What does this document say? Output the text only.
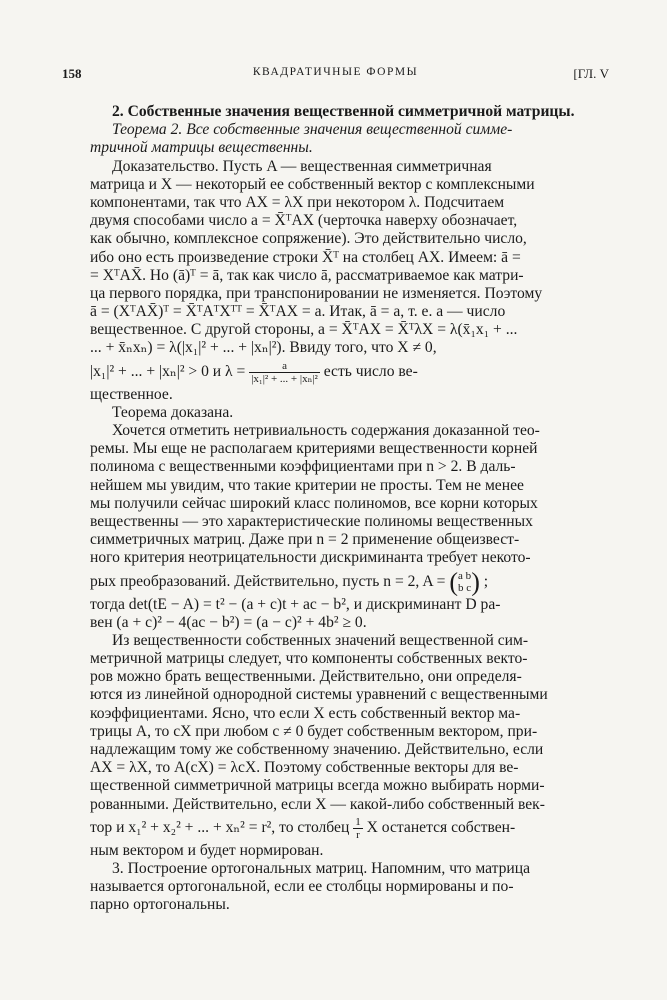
158	КВАДРАТИЧНЫЕ ФОРМЫ	[ГЛ. V
2. Собственные значения вещественной симметричной матрицы.
Теорема 2. Все собственные значения вещественной симме-
тричной матрицы вещественны.
Доказательство. Пусть A — вещественная симметричная
матрица и X — некоторый ее собственный вектор с комплексными
компонентами, так что AX = λX при некотором λ. Подсчитаем
двумя способами число a = X̄ᵀAX (черточка наверху обозначает,
как обычно, комплексное сопряжение). Это действительно число,
ибо оно есть произведение строки X̄ᵀ на столбец AX. Имеем: ā =
= XᵀAX̄. Но (ā)ᵀ = ā, так как число ā, рассматриваемое как матри-
ца первого порядка, при транспонировании не изменяется. Поэтому
ā = (XᵀAX̄)ᵀ = X̄ᵀAᵀXᵀᵀ = X̄ᵀAX = a. Итак, ā = a, т. е. a — число
вещественное. С другой стороны, a = X̄ᵀAX = X̄ᵀλX = λ(x̄₁x₁ + ...
... + x̄ₙxₙ) = λ(|x₁|² + ... + |xₙ|²). Ввиду того, что X ≠ 0,
|x₁|² + ... + |xₙ|² > 0 и $\lambda = \frac{a}{\text{|x₁|² + ... + |xₙ|²}}$ есть число ве-
щественное.
Теорема доказана.
Хочется отметить нетривиальность содержания доказанной тео-
ремы. Мы еще не располагаем критериями вещественности корней
полинома с вещественными коэффициентами при n > 2. В даль-
нейшем мы увидим, что такие критерии не просты. Тем не менее
мы получили сейчас широкий класс полиномов, все корни которых
вещественны — это характеристические полиномы вещественных
симметричных матриц. Даже при n = 2 применение общеизвест-
ного критерия неотрицательности дискриминанта требует некото-
рых преобразований. Действительно, пусть n = 2, A = ( a b
b c ) ;
тогда det(tE − A) = t² − (a + c)t + ac − b², и дискриминант D ра-
вен (a + c)² − 4(ac − b²) = (a − c)² + 4b² ≥ 0.
Из вещественности собственных значений вещественной сим-
метричной матрицы следует, что компоненты собственных векто-
ров можно брать вещественными. Действительно, они определя-
ются из линейной однородной системы уравнений с вещественными
коэффициентами. Ясно, что если X есть собственный вектор ма-
трицы A, то cX при любом c ≠ 0 будет собственным вектором, при-
надлежащим тому же собственному значению. Действительно, если
AX = λX, то A(cX) = λcX. Поэтому собственные векторы для ве-
щественной симметричной матрицы всегда можно выбирать норми-
рованными. Действительно, если X — какой-либо собственный век-
тор и x₁² + x₂² + ... + xₙ² = r², то столбец $\frac{1}{r}$ X останется собствен-
ным вектором и будет нормирован.
3. Построение ортогональных матриц. Напомним, что матрица
называется ортогональной, если ее столбцы нормированы и по-
парно ортогональны.
